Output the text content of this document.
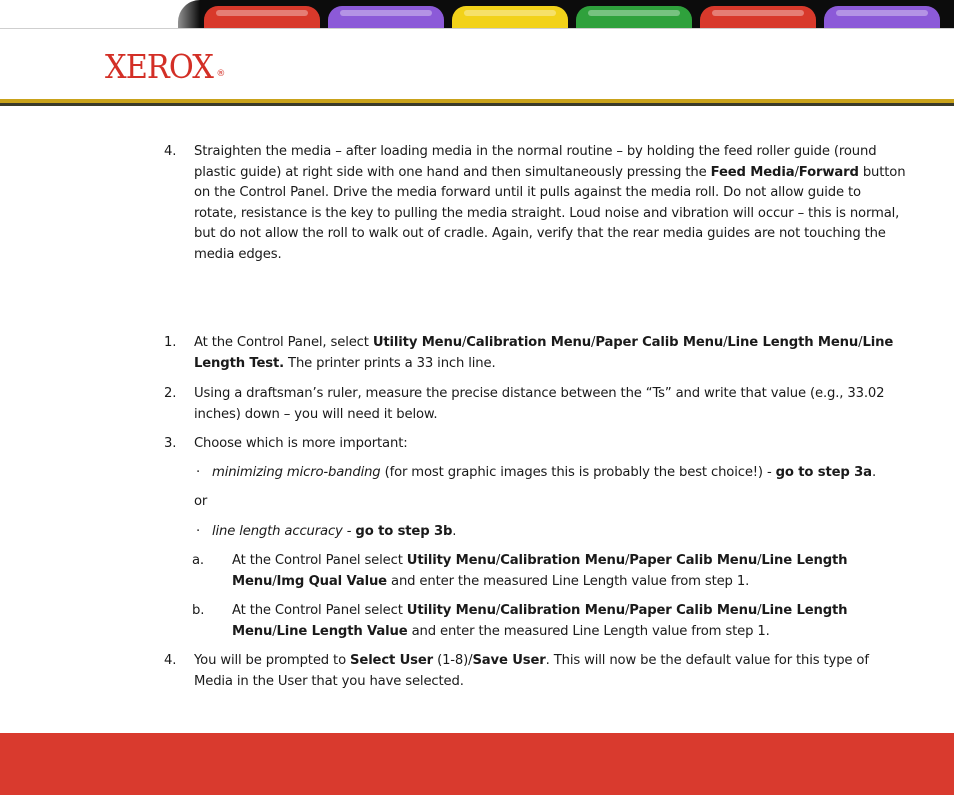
XEROX ®
4. Straighten the media – after loading media in the normal routine – by holding the feed roller guide (round plastic guide) at right side with one hand and then simultaneously pressing the Feed Media/Forward button on the Control Panel. Drive the media forward until it pulls against the media roll. Do not allow guide to rotate, resistance is the key to pulling the media straight. Loud noise and vibration will occur – this is normal, but do not allow the roll to walk out of cradle. Again, verify that the rear media guides are not touching the media edges.
1. At the Control Panel, select Utility Menu/Calibration Menu/Paper Calib Menu/Line Length Menu/Line Length Test. The printer prints a 33 inch line.
2. Using a draftsman’s ruler, measure the precise distance between the “Ts” and write that value (e.g., 33.02 inches) down – you will need it below.
3. Choose which is more important:
· minimizing micro-banding (for most graphic images this is probably the best choice!) - go to step 3a.
or
· line length accuracy - go to step 3b.
a. At the Control Panel select Utility Menu/Calibration Menu/Paper Calib Menu/Line Length Menu/Img Qual Value and enter the measured Line Length value from step 1.
b. At the Control Panel select Utility Menu/Calibration Menu/Paper Calib Menu/Line Length Menu/Line Length Value and enter the measured Line Length value from step 1.
4. You will be prompted to Select User (1-8)/Save User. This will now be the default value for this type of Media in the User that you have selected.
